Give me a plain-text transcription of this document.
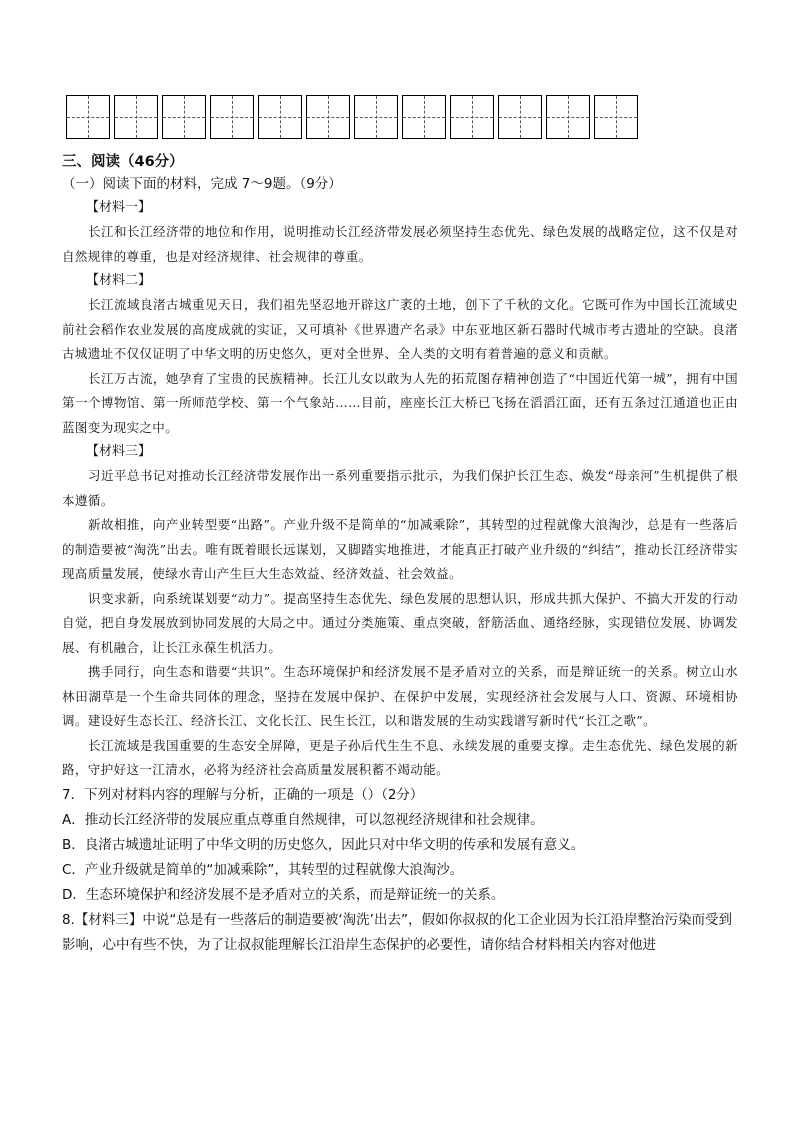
三、阅读（46分）

（一）阅读下面的材料，完成 7～9题。（9分）

【材料一】

长江和长江经济带的地位和作用，说明推动长江经济带发展必须坚持生态优先、绿色发展的战略定位，这不仅是对自然规律的尊重，也是对经济规律、社会规律的尊重。

【材料二】

长江流域良渚古城重见天日，我们祖先坚忍地开辟这广袤的土地，创下了千秋的文化。它既可作为中国长江流域史前社会稻作农业发展的高度成就的实证，又可填补《世界遗产名录》中东亚地区新石器时代城市考古遗址的空缺。良渚古城遗址不仅仅证明了中华文明的历史悠久，更对全世界、全人类的文明有着普遍的意义和贡献。

长江万古流，她孕育了宝贵的民族精神。长江儿女以敢为人先的拓荒图存精神创造了“中国近代第一城”，拥有中国第一个博物馆、第一所师范学校、第一个气象站……目前，座座长江大桥已飞扬在滔滔江面，还有五条过江通道也正由蓝图变为现实之中。

【材料三】

习近平总书记对推动长江经济带发展作出一系列重要指示批示，为我们保护长江生态、焕发“母亲河”生机提供了根本遵循。

新故相推，向产业转型要“出路”。产业升级不是简单的“加减乘除”，其转型的过程就像大浪淘沙，总是有一些落后的制造要被“淘洗”出去。唯有既着眼长远谋划，又脚踏实地推进，才能真正打破产业升级的“纠结”，推动长江经济带实现高质量发展，使绿水青山产生巨大生态效益、经济效益、社会效益。

识变求新，向系统谋划要“动力”。提高坚持生态优先、绿色发展的思想认识，形成共抓大保护、不搞大开发的行动自觉，把自身发展放到协同发展的大局之中。通过分类施策、重点突破，舒筋活血、通络经脉，实现错位发展、协调发展、有机融合，让长江永葆生机活力。

携手同行，向生态和谐要“共识”。生态环境保护和经济发展不是矛盾对立的关系，而是辩证统一的关系。树立山水林田湖草是一个生命共同体的理念，坚持在发展中保护、在保护中发展，实现经济社会发展与人口、资源、环境相协调。建设好生态长江、经济长江、文化长江、民生长江，以和谐发展的生动实践谱写新时代“长江之歌”。

长江流域是我国重要的生态安全屏障，更是子孙后代生生不息、永续发展的重要支撑。走生态优先、绿色发展的新路，守护好这一江清水，必将为经济社会高质量发展积蓄不竭动能。

7．下列对材料内容的理解与分析，正确的一项是（）（2分）

A．推动长江经济带的发展应重点尊重自然规律，可以忽视经济规律和社会规律。

B．良渚古城遗址证明了中华文明的历史悠久，因此只对中华文明的传承和发展有意义。

C．产业升级就是简单的“加减乘除”，其转型的过程就像大浪淘沙。

D．生态环境保护和经济发展不是矛盾对立的关系，而是辩证统一的关系。

8.【材料三】中说“总是有一些落后的制造要被‘淘洗’出去”，假如你叔叔的化工企业因为长江沿岸整治污染而受到影响，心中有些不快，为了让叔叔能理解长江沿岸生态保护的必要性，请你结合材料相关内容对他进
